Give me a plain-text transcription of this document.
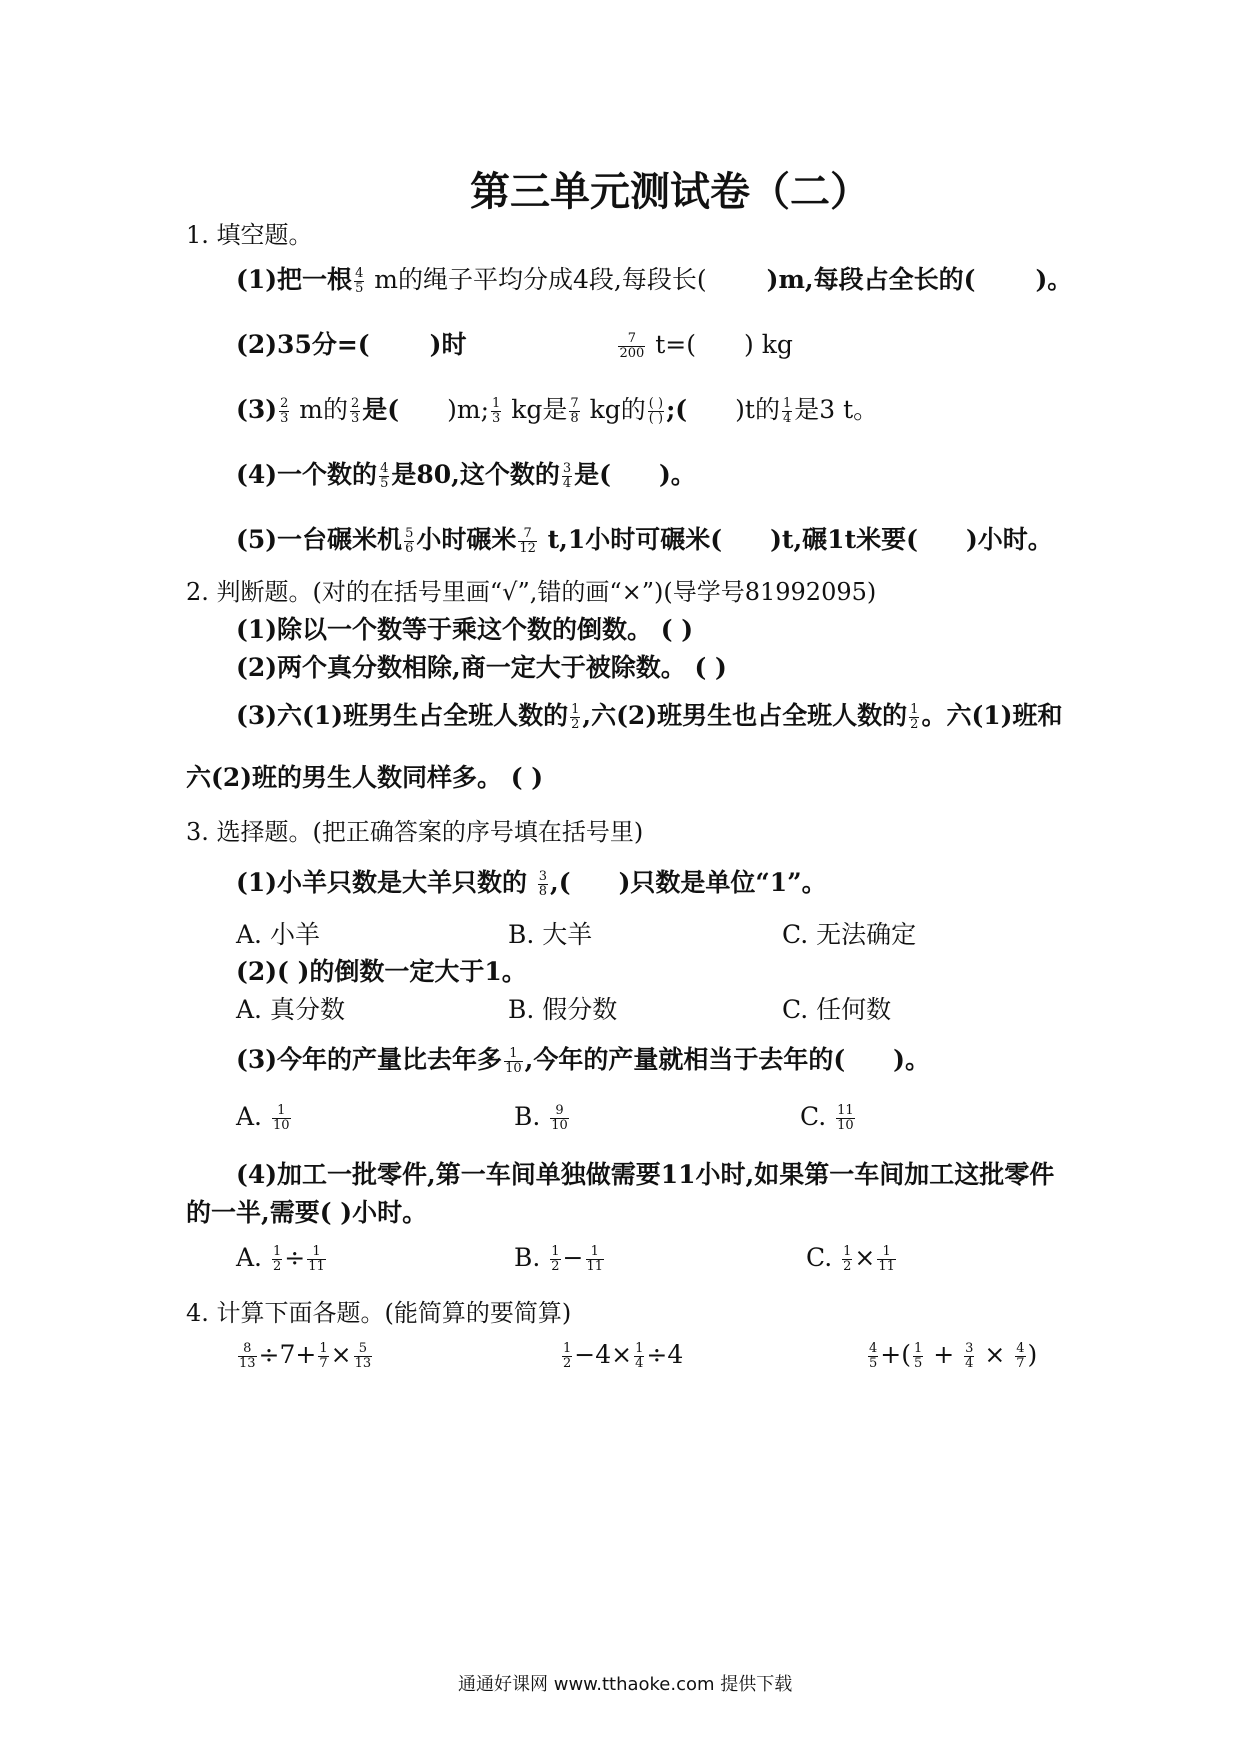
第三单元测试卷（二）
1. 填空题。
(1)把一根 $\frac{4}{5}$ m的绳子平均分成4段,每段长( )m,每段占全长的( )。
(2)35分=( )时	$\frac{7}{200} t=$( ) kg
$(3) \frac{2}{3}$ m的 $\frac{2}{3}$ 是( )m; $\frac{1}{3}$ kg是 $\frac{7}{8}$ kg的 $\frac{( )}{( )}$ ;( )t的 $\frac{1}{4}$ 是3 t。
(4)一个数的 $\frac{4}{5}$ 是80,这个数的 $\frac{3}{4}$ 是( )。
(5)一台碾米机 $\frac{5}{6}$ 小时碾米 $\frac{7}{12} t,1$小时可碾米( )t,碾1t米要( )小时。
2. 判断题。(对的在括号里画“√”,错的画“×”)(导学号81992095)
(1)除以一个数等于乘这个数的倒数。 ( )
(2)两个真分数相除,商一定大于被除数。 ( )
(3)六(1)班男生占全班人数的 $\frac{1}{2}$ ,六(2)班男生也占全班人数的 $\frac{1}{2}$ 。六(1)班和
六(2)班的男生人数同样多。 ( )
3. 选择题。(把正确答案的序号填在括号里)
(1)小羊只数是大羊只数的 $\frac{3}{8}$ ,( )只数是单位“1”。
A. 小羊	B. 大羊	C. 无法确定
(2)( )的倒数一定大于1。
A. 真分数	B. 假分数	C. 任何数
(3)今年的产量比去年多 $\frac{1}{10}$ ,今年的产量就相当于去年的( )。
A. $\frac{1}{10}$	B. $\frac{9}{10}$	C. $\frac{11}{10}$
(4)加工一批零件,第一车间单独做需要11小时,如果第一车间加工这批零件
的一半,需要( )小时。
A. $\frac{1}{2} \div \frac{1}{11}$	B. $\frac{1}{2} - \frac{1}{11}$	C. $\frac{1}{2} \times \frac{1}{11}$
4. 计算下面各题。(能简算的要简算)
$\frac{8}{13} \div 7+ \frac{1}{7} \times \frac{5}{13}$	$\frac{1}{2} -4\times \frac{1}{4} \div 4$	$\frac{4}{5}$ +( $\frac{1}{5} + \frac{3}{4} \times \frac{4}{7}$ )
通通好课网 www.tthaoke.com 提供下载
